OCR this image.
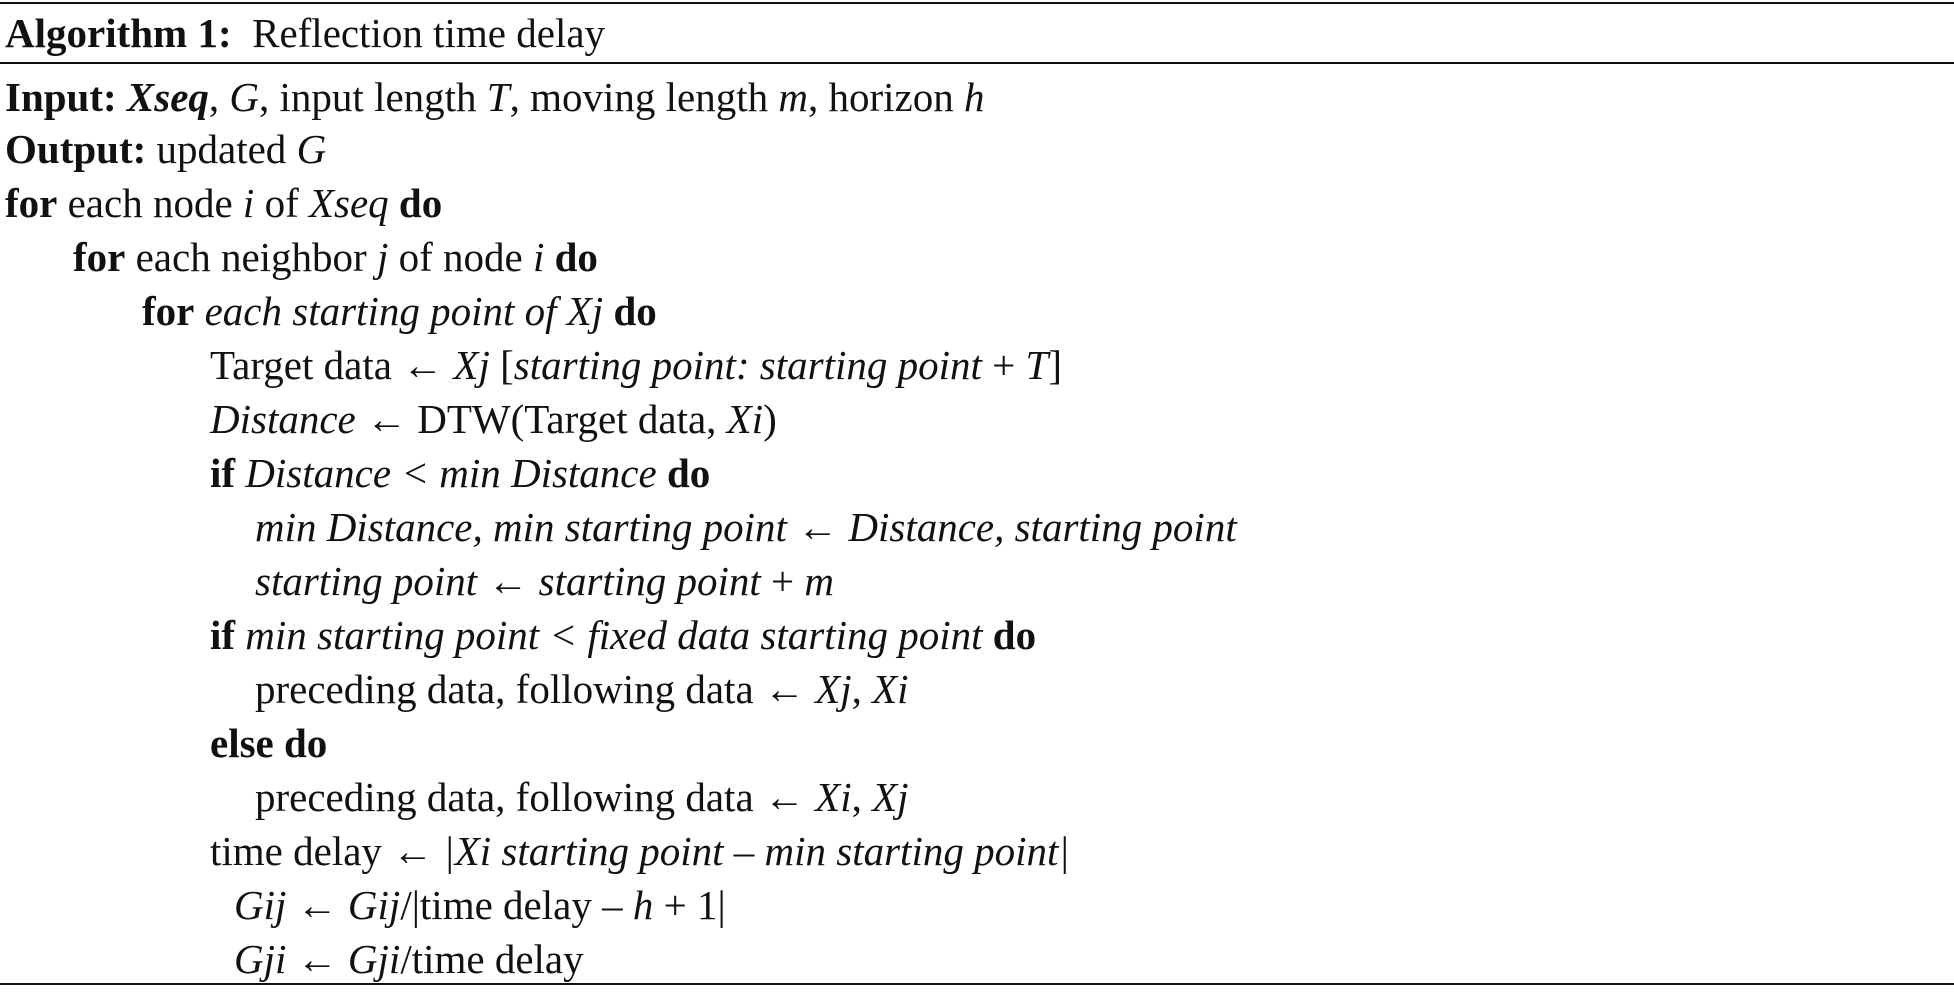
Algorithm 1: Reflection time delay
Input: Xseq, G, input length T, moving length m, horizon h
Output: updated G
for each node i of Xseq do
for each neighbor j of node i do
for each starting point of Xj do
Target data ← Xj [starting point: starting point + T]
Distance ← DTW(Target data, Xi)
if Distance < min Distance do
min Distance, min starting point ← Distance, starting point
starting point ← starting point + m
if min starting point < fixed data starting point do
preceding data, following data ← Xj, Xi
else do
preceding data, following data ← Xi, Xj
time delay ← |Xi starting point – min starting point|
Gij ← Gij/|time delay – h + 1|
Gji ← Gji/time delay
